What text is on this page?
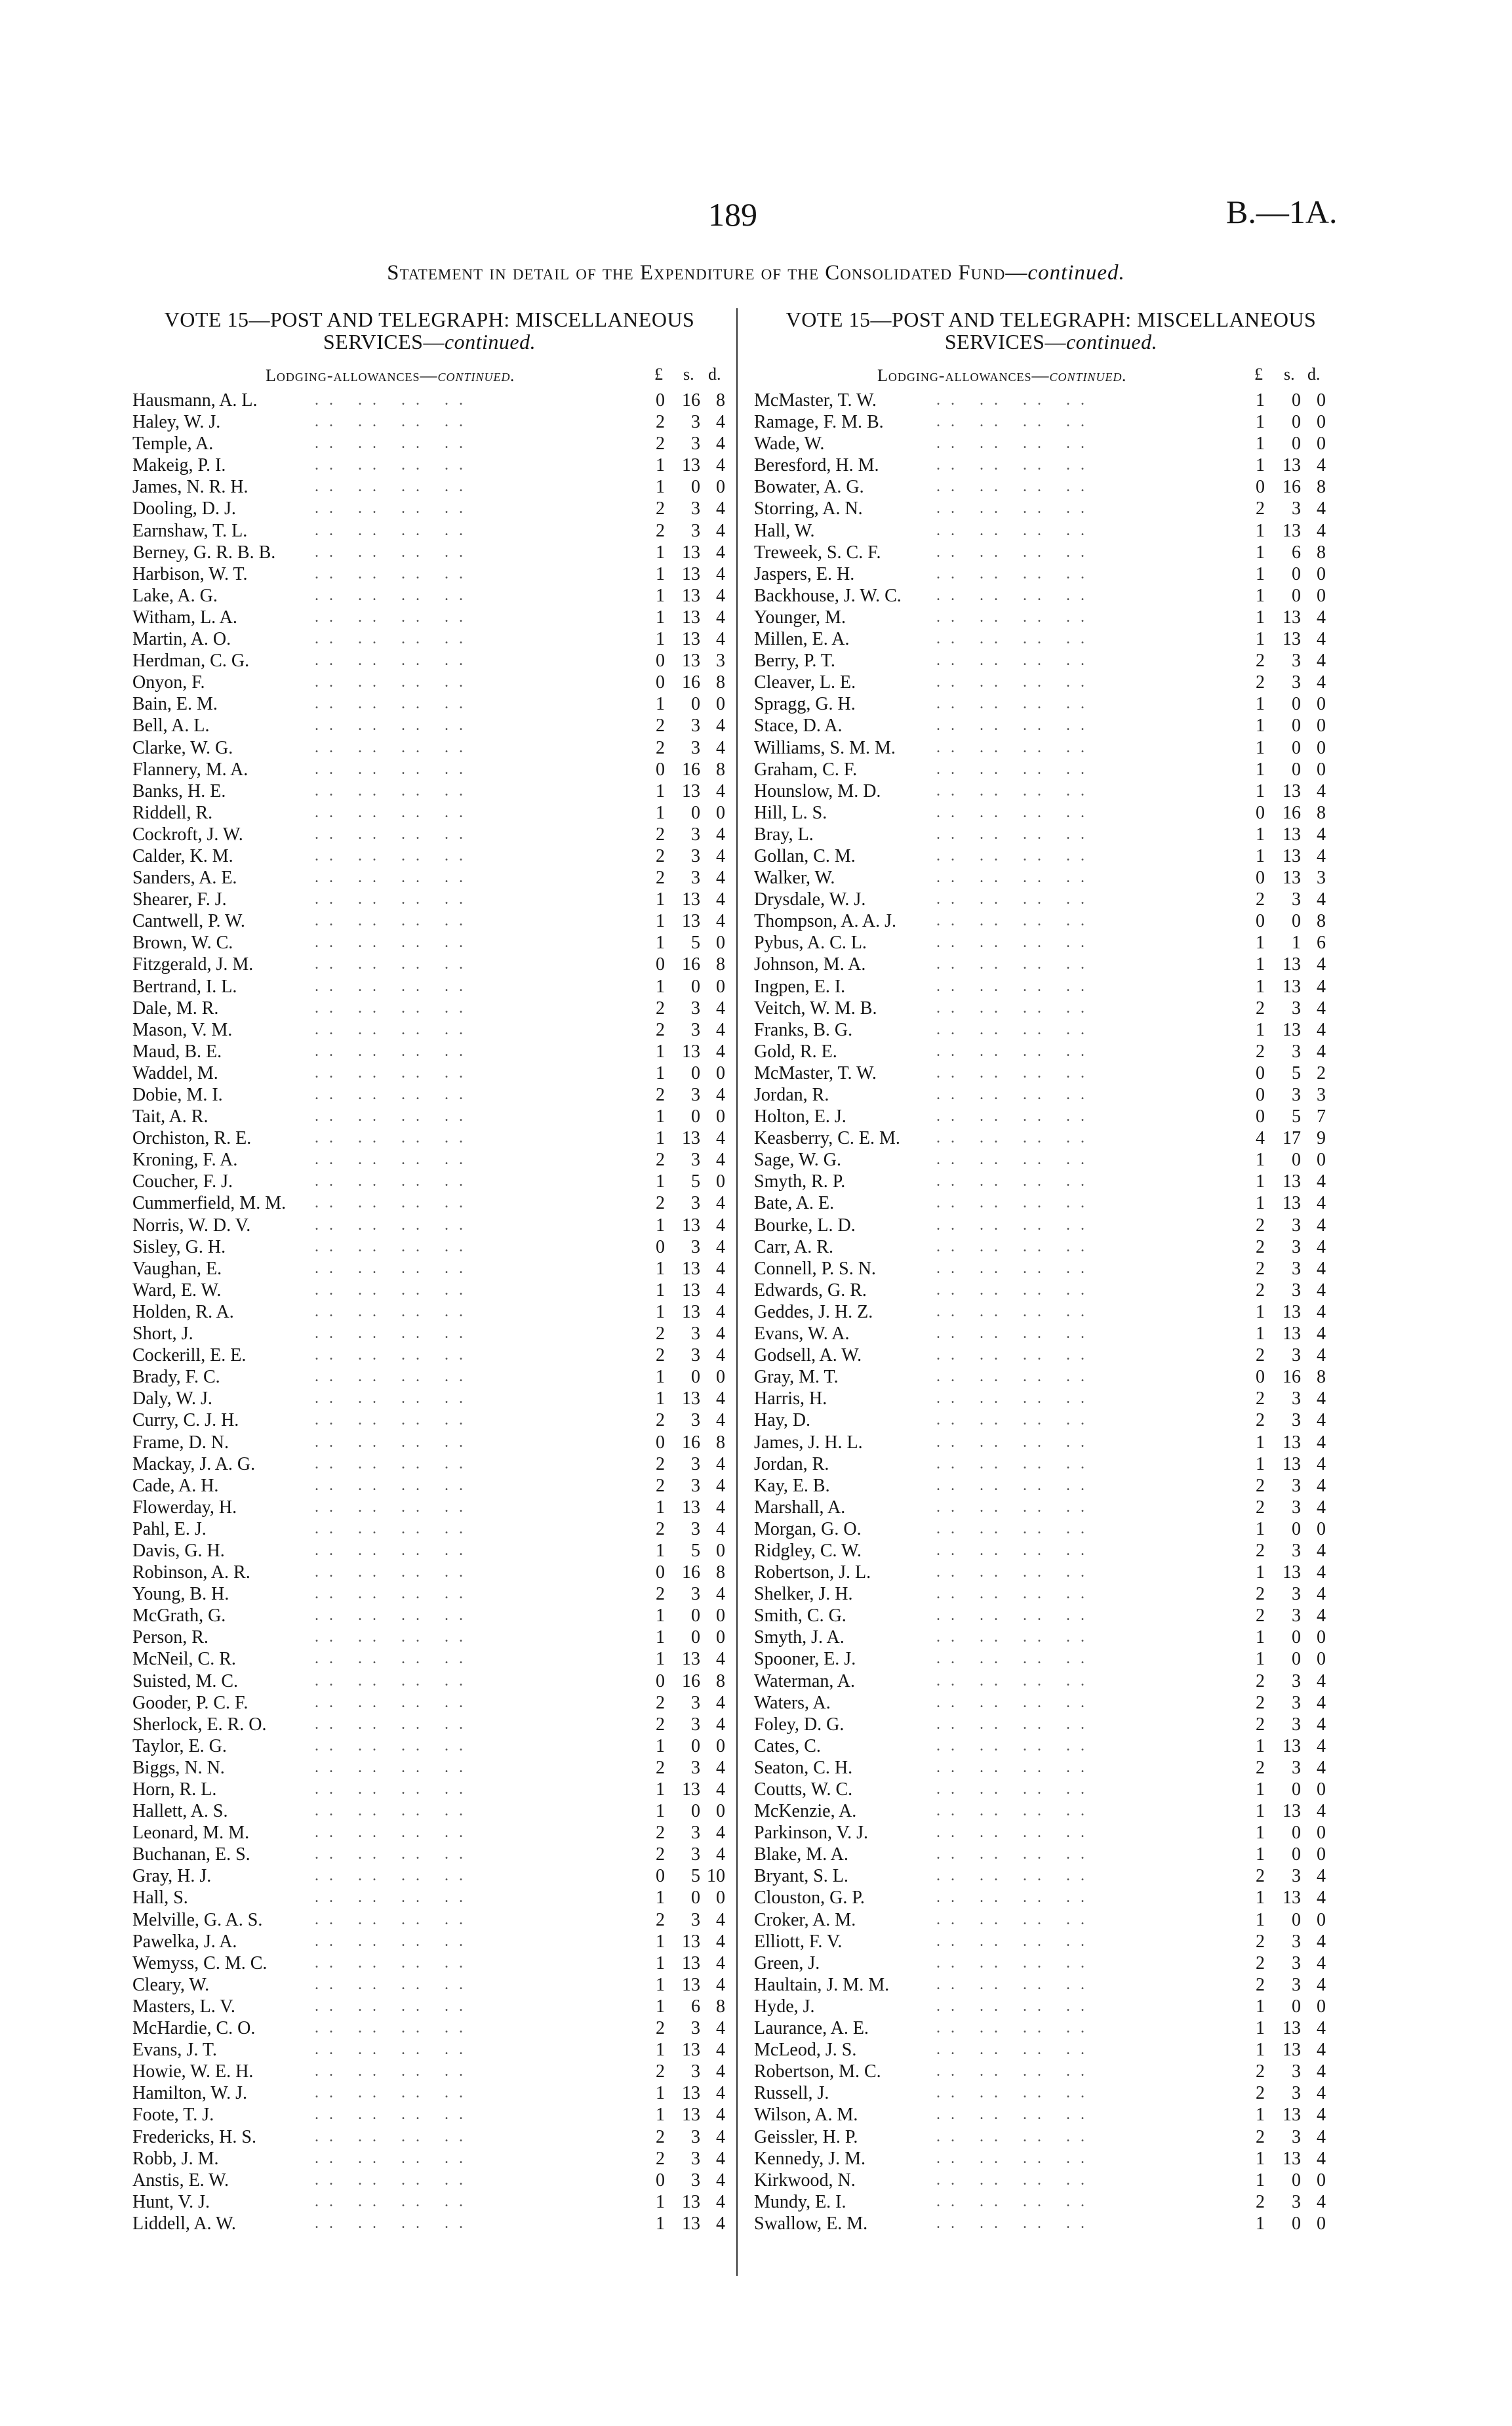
189	B.—1A.
Statement in detail of the Expenditure of the Consolidated Fund—continued.
VOTE 15—POST AND TELEGRAPH: MISCELLANEOUS
SERVICES—continued.
Lodging-allowances—continued.	£ s. d.
Hausmann, A. L.	0 16 8
.. .. .. ..
Haley, W. J.	2	3 4
.. .. .. ..
Temple, A.	2	3 4
.. .. .. ..
Makeig, P. I.	1 13 4
.. .. .. ..
James, N. R. H.	1	0 0
.. .. .. ..
Dooling, D. J.	2	3 4
.. .. .. ..
Earnshaw, T. L.	2	3 4
.. .. .. ..
Berney, G. R. B. B.	1 13 4
.. .. .. ..
Harbison, W. T.	1 13 4
.. .. .. ..
Lake, A. G.	1 13 4
.. .. .. ..
Witham, L. A.	1 13 4
.. .. .. ..
Martin, A. O.	1 13 4
.. .. .. ..
Herdman, C. G.	0 13 3
.. .. .. ..
Onyon, F.	0 16 8
.. .. .. ..
Bain, E. M.	1	0 0
.. .. .. ..
Bell, A. L.	2	3 4
.. .. .. ..
Clarke, W. G.	2	3 4
.. .. .. ..
Flannery, M. A.	0 16 8
.. .. .. ..
Banks, H. E.	1 13 4
.. .. .. ..
Riddell, R.	1	0 0
.. .. .. ..
Cockroft, J. W.	2	3 4
.. .. .. ..
Calder, K. M.	2	3 4
.. .. .. ..
Sanders, A. E.	2	3 4
.. .. .. ..
Shearer, F. J.	1 13 4
.. .. .. ..
Cantwell, P. W.	1 13 4
.. .. .. ..
Brown, W. C.	1	5 0
.. .. .. ..
Fitzgerald, J. M.	0 16 8
.. .. .. ..
Bertrand, I. L.	1	0 0
.. .. .. ..
Dale, M. R.	2	3 4
.. .. .. ..
Mason, V. M.	2	3 4
.. .. .. ..
Maud, B. E.	1 13 4
.. .. .. ..
Waddel, M.	1	0 0
.. .. .. ..
Dobie, M. I.	2	3 4
.. .. .. ..
Tait, A. R.	1	0 0
.. .. .. ..
Orchiston, R. E.	1 13 4
.. .. .. ..
Kroning, F. A.	2	3 4
.. .. .. ..
Coucher, F. J.	1	5 0
.. .. .. ..
Cummerfield, M. M.	2	3 4
.. .. .. ..
Norris, W. D. V.	1 13 4
.. .. .. ..
Sisley, G. H.	0	3 4
.. .. .. ..
Vaughan, E.	1 13 4
.. .. .. ..
Ward, E. W.	1 13 4
.. .. .. ..
Holden, R. A.	1 13 4
.. .. .. ..
Short, J.	2	3 4
.. .. .. ..
Cockerill, E. E.	2	3 4
.. .. .. ..
Brady, F. C.	1	0 0
.. .. .. ..
Daly, W. J.	1 13 4
.. .. .. ..
Curry, C. J. H.	2	3 4
.. .. .. ..
Frame, D. N.	0 16 8
.. .. .. ..
Mackay, J. A. G.	2	3 4
.. .. .. ..
Cade, A. H.	2	3 4
.. .. .. ..
Flowerday, H.	1 13 4
.. .. .. ..
Pahl, E. J.	2	3 4
.. .. .. ..
Davis, G. H.	1	5 0
.. .. .. ..
Robinson, A. R.	0 16 8
.. .. .. ..
Young, B. H.	2	3 4
.. .. .. ..
McGrath, G.	1	0 0
.. .. .. ..
Person, R.	1	0 0
.. .. .. ..
McNeil, C. R.	1 13 4
.. .. .. ..
Suisted, M. C.	0 16 8
.. .. .. ..
Gooder, P. C. F.	2	3 4
.. .. .. ..
Sherlock, E. R. O.	2	3 4
.. .. .. ..
Taylor, E. G.	1	0 0
.. .. .. ..
Biggs, N. N.	2	3 4
.. .. .. ..
Horn, R. L.	1 13 4
.. .. .. ..
Hallett, A. S.	1	0 0
.. .. .. ..
Leonard, M. M.	2	3 4
.. .. .. ..
Buchanan, E. S.	2	3 4
.. .. .. ..
Gray, H. J.	0	5 10
.. .. .. ..
Hall, S.	1	0 0
.. .. .. ..
Melville, G. A. S.	2	3 4
.. .. .. ..
Pawelka, J. A.	1 13 4
.. .. .. ..
Wemyss, C. M. C.	1 13 4
.. .. .. ..
Cleary, W.	1 13 4
.. .. .. ..
Masters, L. V.	1	6 8
.. .. .. ..
McHardie, C. O.	2	3 4
.. .. .. ..
Evans, J. T.	1 13 4
.. .. .. ..
Howie, W. E. H.	2	3 4
.. .. .. ..
Hamilton, W. J.	1 13 4
.. .. .. ..
Foote, T. J.	1 13 4
.. .. .. ..
Fredericks, H. S.	2	3 4
.. .. .. ..
Robb, J. M.	2	3 4
.. .. .. ..
Anstis, E. W.	0	3 4
.. .. .. ..
Hunt, V. J.	1 13 4
.. .. .. ..
Liddell, A. W.	1 13 4
.. .. .. ..
VOTE 15—POST AND TELEGRAPH: MISCELLANEOUS
SERVICES—continued.
Lodging-allowances—continued.	£ s. d.
McMaster, T. W.	1	0 0
.. .. .. ..
Ramage, F. M. B.	1	0 0
.. .. .. ..
Wade, W.	1	0 0
.. .. .. ..
Beresford, H. M.	1 13 4
.. .. .. ..
Bowater, A. G.	0 16 8
.. .. .. ..
Storring, A. N.	2	3 4
.. .. .. ..
Hall, W.	1 13 4
.. .. .. ..
Treweek, S. C. F.	1	6 8
.. .. .. ..
Jaspers, E. H.	1	0 0
.. .. .. ..
Backhouse, J. W. C.	1	0 0
.. .. .. ..
Younger, M.	1 13 4
.. .. .. ..
Millen, E. A.	1 13 4
.. .. .. ..
Berry, P. T.	2	3 4
.. .. .. ..
Cleaver, L. E.	2	3 4
.. .. .. ..
Spragg, G. H.	1	0 0
.. .. .. ..
Stace, D. A.	1	0 0
.. .. .. ..
Williams, S. M. M.	1	0 0
.. .. .. ..
Graham, C. F.	1	0 0
.. .. .. ..
Hounslow, M. D.	1 13 4
.. .. .. ..
Hill, L. S.	0 16 8
.. .. .. ..
Bray, L.	1 13 4
.. .. .. ..
Gollan, C. M.	1 13 4
.. .. .. ..
Walker, W.	0 13 3
.. .. .. ..
Drysdale, W. J.	2	3 4
.. .. .. ..
Thompson, A. A. J.	0	0 8
.. .. .. ..
Pybus, A. C. L.	1	1 6
.. .. .. ..
Johnson, M. A.	1 13 4
.. .. .. ..
Ingpen, E. I.	1 13 4
.. .. .. ..
Veitch, W. M. B.	2	3 4
.. .. .. ..
Franks, B. G.	1 13 4
.. .. .. ..
Gold, R. E.	2	3 4
.. .. .. ..
McMaster, T. W.	0	5 2
.. .. .. ..
Jordan, R.	0	3 3
.. .. .. ..
Holton, E. J.	0	5 7
.. .. .. ..
Keasberry, C. E. M.	4 17 9
.. .. .. ..
Sage, W. G.	1	0 0
.. .. .. ..
Smyth, R. P.	1 13 4
.. .. .. ..
Bate, A. E.	1 13 4
.. .. .. ..
Bourke, L. D.	2	3 4
.. .. .. ..
Carr, A. R.	2	3 4
.. .. .. ..
Connell, P. S. N.	2	3 4
.. .. .. ..
Edwards, G. R.	2	3 4
.. .. .. ..
Geddes, J. H. Z.	1 13 4
.. .. .. ..
Evans, W. A.	1 13 4
.. .. .. ..
Godsell, A. W.	2	3 4
.. .. .. ..
Gray, M. T.	0 16 8
.. .. .. ..
Harris, H.	2	3 4
.. .. .. ..
Hay, D.	2	3 4
.. .. .. ..
James, J. H. L.	1 13 4
.. .. .. ..
Jordan, R.	1 13 4
.. .. .. ..
Kay, E. B.	2	3 4
.. .. .. ..
Marshall, A.	2	3 4
.. .. .. ..
Morgan, G. O.	1	0 0
.. .. .. ..
Ridgley, C. W.	2	3 4
.. .. .. ..
Robertson, J. L.	1 13 4
.. .. .. ..
Shelker, J. H.	2	3 4
.. .. .. ..
Smith, C. G.	2	3 4
.. .. .. ..
Smyth, J. A.	1	0 0
.. .. .. ..
Spooner, E. J.	1	0 0
.. .. .. ..
Waterman, A.	2	3 4
.. .. .. ..
Waters, A.	2	3 4
.. .. .. ..
Foley, D. G.	2	3 4
.. .. .. ..
Cates, C.	1 13 4
.. .. .. ..
Seaton, C. H.	2	3 4
.. .. .. ..
Coutts, W. C.	1	0 0
.. .. .. ..
McKenzie, A.	1 13 4
.. .. .. ..
Parkinson, V. J.	1	0 0
.. .. .. ..
Blake, M. A.	1	0 0
.. .. .. ..
Bryant, S. L.	2	3 4
.. .. .. ..
Clouston, G. P.	1 13 4
.. .. .. ..
Croker, A. M.	1	0 0
.. .. .. ..
Elliott, F. V.	2	3 4
.. .. .. ..
Green, J.	2	3 4
.. .. .. ..
Haultain, J. M. M.	2	3 4
.. .. .. ..
Hyde, J.	1	0 0
.. .. .. ..
Laurance, A. E.	1 13 4
.. .. .. ..
McLeod, J. S.	1 13 4
.. .. .. ..
Robertson, M. C.	2	3 4
.. .. .. ..
Russell, J.	2	3 4
.. .. .. ..
Wilson, A. M.	1 13 4
.. .. .. ..
Geissler, H. P.	2	3 4
.. .. .. ..
Kennedy, J. M.	1 13 4
.. .. .. ..
Kirkwood, N.	1	0 0
.. .. .. ..
Mundy, E. I.	2	3 4
.. .. .. ..
Swallow, E. M.	1	0 0
.. .. .. ..
